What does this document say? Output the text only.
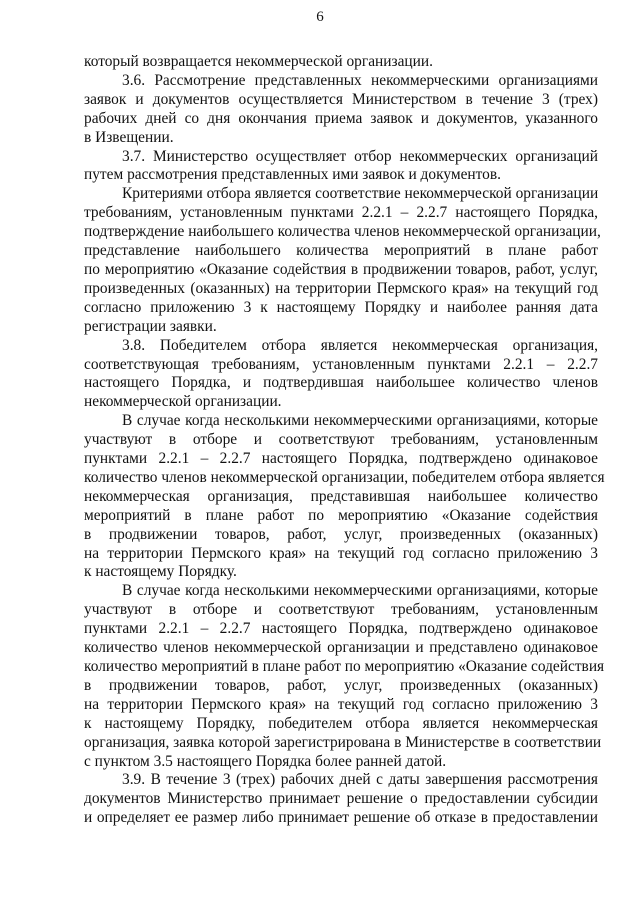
6

который возвращается некоммерческой организации.

3.6. Рассмотрение представленных некоммерческими организациями
заявок и документов осуществляется Министерством в течение 3 (трех)
рабочих дней со дня окончания приема заявок и документов, указанного
в Извещении.

3.7. Министерство осуществляет отбор некоммерческих организаций
путем рассмотрения представленных ими заявок и документов.

Критериями отбора является соответствие некоммерческой организации
требованиям, установленным пунктами 2.2.1 – 2.2.7 настоящего Порядка,
подтверждение наибольшего количества членов некоммерческой организации,
представление наибольшего количества мероприятий в плане работ
по мероприятию «Оказание содействия в продвижении товаров, работ, услуг,
произведенных (оказанных) на территории Пермского края» на текущий год
согласно приложению 3 к настоящему Порядку и наиболее ранняя дата
регистрации заявки.

3.8. Победителем отбора является некоммерческая организация,
соответствующая требованиям, установленным пунктами 2.2.1 – 2.2.7
настоящего Порядка, и подтвердившая наибольшее количество членов
некоммерческой организации.

В случае когда несколькими некоммерческими организациями, которые
участвуют в отборе и соответствуют требованиям, установленным
пунктами 2.2.1 – 2.2.7 настоящего Порядка, подтверждено одинаковое
количество членов некоммерческой организации, победителем отбора является
некоммерческая организация, представившая наибольшее количество
мероприятий в плане работ по мероприятию «Оказание содействия
в продвижении товаров, работ, услуг, произведенных (оказанных)
на территории Пермского края» на текущий год согласно приложению 3
к настоящему Порядку.

В случае когда несколькими некоммерческими организациями, которые
участвуют в отборе и соответствуют требованиям, установленным
пунктами 2.2.1 – 2.2.7 настоящего Порядка, подтверждено одинаковое
количество членов некоммерческой организации и представлено одинаковое
количество мероприятий в плане работ по мероприятию «Оказание содействия
в продвижении товаров, работ, услуг, произведенных (оказанных)
на территории Пермского края» на текущий год согласно приложению 3
к настоящему Порядку, победителем отбора является некоммерческая
организация, заявка которой зарегистрирована в Министерстве в соответствии
с пунктом 3.5 настоящего Порядка более ранней датой.

3.9. В течение 3 (трех) рабочих дней с даты завершения рассмотрения
документов Министерство принимает решение о предоставлении субсидии
и определяет ее размер либо принимает решение об отказе в предоставлении
